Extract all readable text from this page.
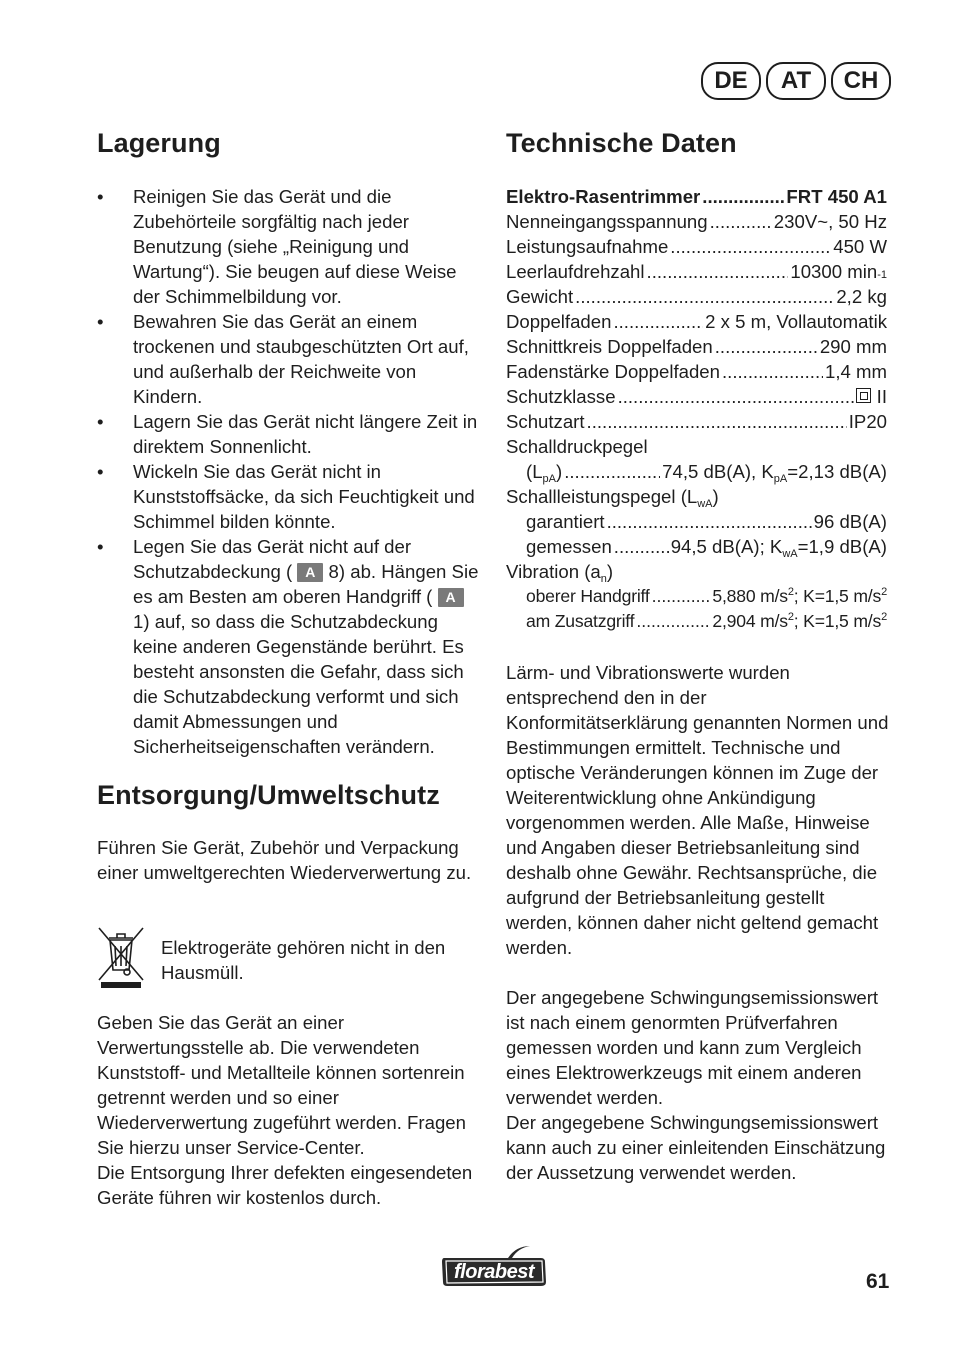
DE	AT	CH
Lagerung
• Reinigen Sie das Gerät und die Zubehörteile sorgfältig nach jeder Benutzung (siehe „Reinigung und Wartung“). Sie beugen auf diese Weise der Schimmelbildung vor.
• Bewahren Sie das Gerät an einem trockenen und staubgeschützten Ort auf, und außerhalb der Reichweite von Kindern.
• Lagern Sie das Gerät nicht längere Zeit in direktem Sonnenlicht.
• Wickeln Sie das Gerät nicht in Kunststoffsäcke, da sich Feuchtigkeit und Schimmel bilden könnte.
• Legen Sie das Gerät nicht auf der Schutzabdeckung ( A 8) ab. Hängen Sie es am Besten am oberen Handgriff ( A 1) auf, so dass die Schutzabdeckung keine anderen Gegenstände berührt. Es besteht ansonsten die Gefahr, dass sich die Schutzabdeckung verformt und sich damit Abmessungen und Sicherheitseigenschaften verändern.
Entsorgung/Umweltschutz

Führen Sie Gerät, Zubehör und Verpackung einer umweltgerechten Wiederverwertung zu.

Elektrogeräte gehören nicht in den Hausmüll.

Geben Sie das Gerät an einer Verwertungsstelle ab. Die verwendeten Kunststoff- und Metallteile können sortenrein getrennt werden und so einer Wiederverwertung zugeführt werden. Fragen Sie hierzu unser Service-Center.

Die Entsorgung Ihrer defekten eingesendeten Geräte führen wir kostenlos durch.

Technische Daten
Elektro-Rasentrimmer .....	FRT 450 A1
Nenneingangsspannung .....	230V~, 50 Hz
Leistungsaufnahme .....	450 W
Leerlaufdrehzahl .....	10300 min -1
Gewicht .....	2,2 kg
Doppelfaden .....	2 x 5 m, Vollautomatik
Schnittkreis Doppelfaden .....	290 mm
Fadenstärke Doppelfaden .....	1,4 mm
Schutzklasse .....	II
Schutzart .....	IP20
Schalldruckpegel
$(L_{pA})$ .....	74,5 dB(A), $K_{pA}=2,13$ dB(A)
Schallleistungspegel $(L_{wA})$
garantiert .....	96 dB(A)
gemessen .....	94,5 dB(A); $K_{wA}=1,9$ dB(A)
Vibration $(a_n)$
oberer Handgriff .....	5,880 $m/s^2$; K=1,5 $m/s^2$
am Zusatzgriff .....	2,904 $m/s^2$; K=1,5 $m/s^2$

Lärm- und Vibrationswerte wurden entsprechend den in der Konformitätserklärung genannten Normen und Bestimmungen ermittelt. Technische und optische Veränderungen können im Zuge der Weiterentwicklung ohne Ankündigung vorgenommen werden. Alle Maße, Hinweise und Angaben dieser Betriebsanleitung sind deshalb ohne Gewähr. Rechtsansprüche, die aufgrund der Betriebsanleitung gestellt werden, können daher nicht geltend gemacht werden.

Der angegebene Schwingungsemissionswert ist nach einem genormten Prüfverfahren gemessen worden und kann zum Vergleich eines Elektrowerkzeugs mit einem anderen verwendet werden.

Der angegebene Schwingungsemissionswert kann auch zu einer einleitenden Einschätzung der Aussetzung verwendet werden.

florabest	61
